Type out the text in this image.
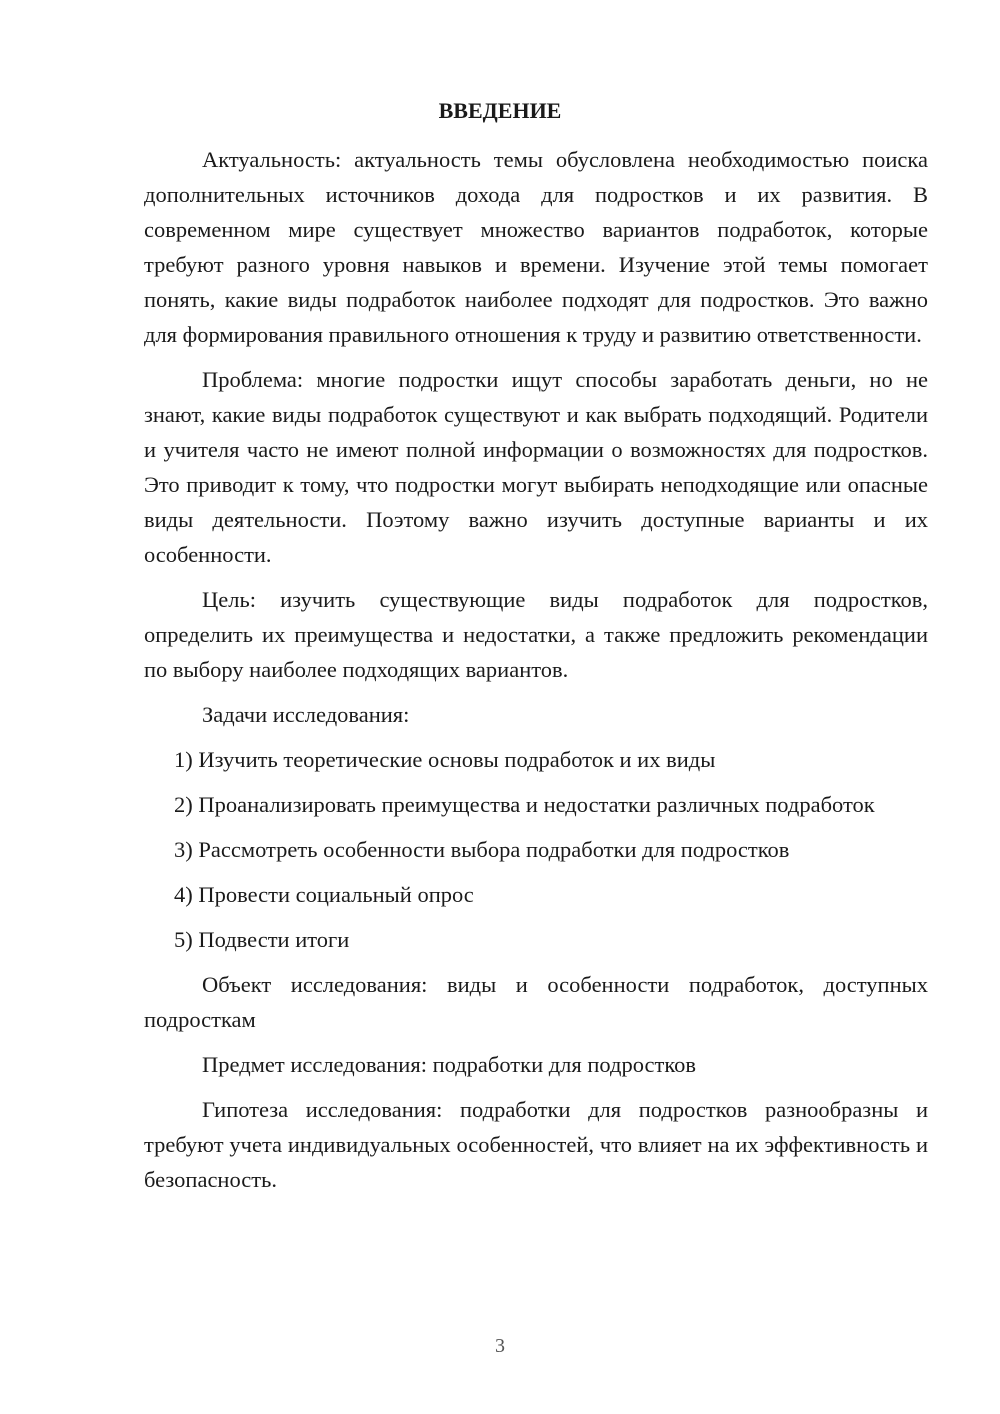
ВВЕДЕНИЕ

Актуальность: актуальность темы обусловлена необходимостью поиска дополнительных источников дохода для подростков и их развития. В современном мире существует множество вариантов подработок, которые требуют разного уровня навыков и времени. Изучение этой темы помогает понять, какие виды подработок наиболее подходят для подростков. Это важно для формирования правильного отношения к труду и развитию ответственности.

Проблема: многие подростки ищут способы заработать деньги, но не знают, какие виды подработок существуют и как выбрать подходящий. Родители и учителя часто не имеют полной информации о возможностях для подростков. Это приводит к тому, что подростки могут выбирать неподходящие или опасные виды деятельности. Поэтому важно изучить доступные варианты и их особенности.

Цель: изучить существующие виды подработок для подростков, определить их преимущества и недостатки, а также предложить рекомендации по выбору наиболее подходящих вариантов.

Задачи исследования:

1) Изучить теоретические основы подработок и их виды

2) Проанализировать преимущества и недостатки различных подработок

3) Рассмотреть особенности выбора подработки для подростков

4) Провести социальный опрос

5) Подвести итоги

Объект исследования: виды и особенности подработок, доступных подросткам

Предмет исследования: подработки для подростков

Гипотеза исследования: подработки для подростков разнообразны и требуют учета индивидуальных особенностей, что влияет на их эффективность и безопасность.

3
